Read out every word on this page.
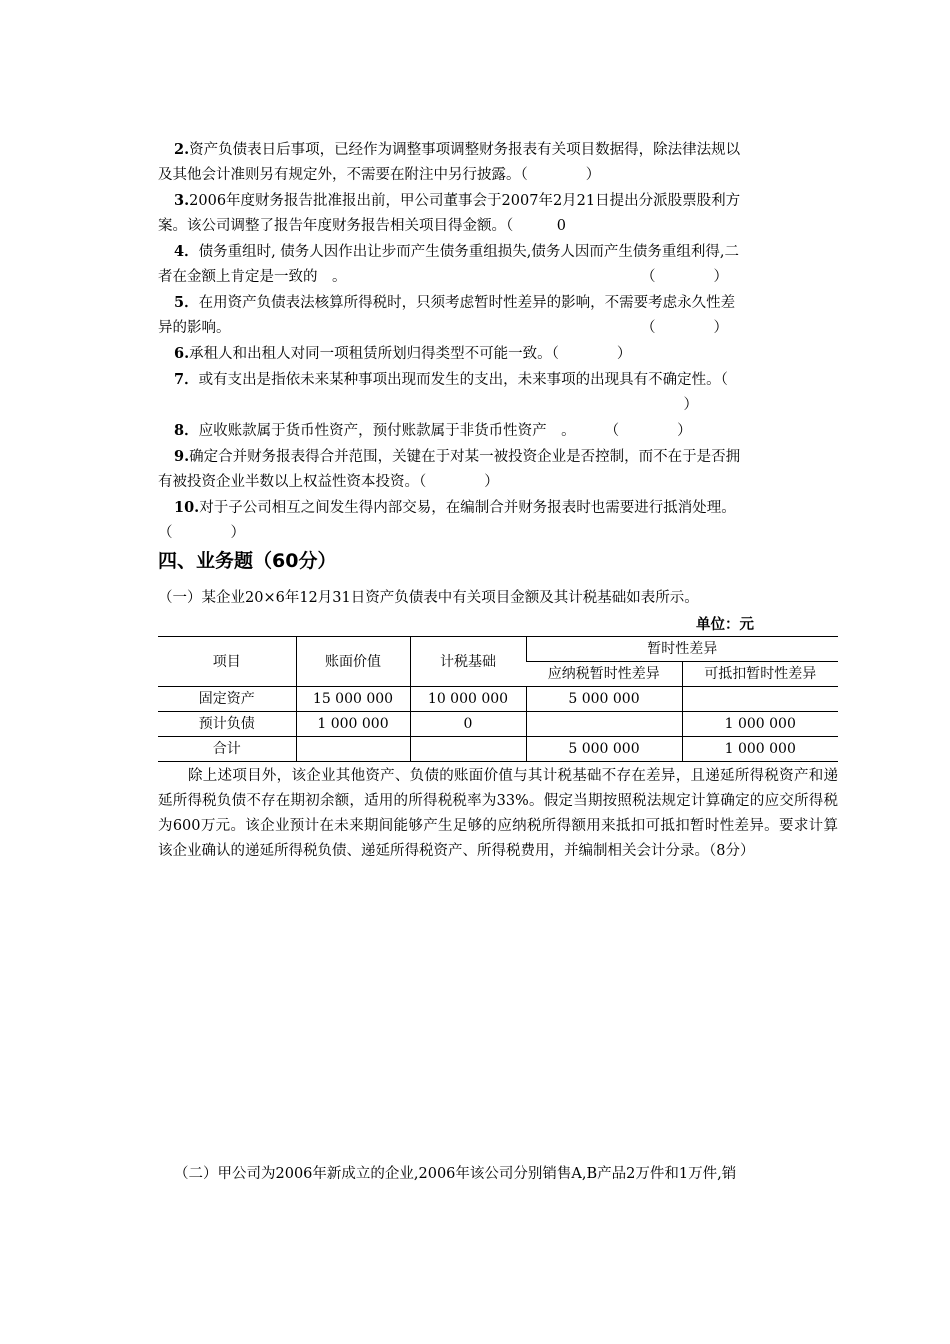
2.资产负债表日后事项，已经作为调整事项调整财务报表有关项目数据得，除法律法规以

及其他会计准则另有规定外，不需要在附注中另行披露。（　　　　）

3.2006年度财务报告批准报出前，甲公司董事会于2007年2月21日提出分派股票股利方

案。该公司调整了报告年度财务报告相关项目得金额。（　　　0

4．债务重组时, 债务人因作出让步而产生债务重组损失,债务人因而产生债务重组利得,二

者在金额上肯定是一致的　。	（　　　　）

5．在用资产负债表法核算所得税时，只须考虑暂时性差异的影响，不需要考虑永久性差

异的影响。	（　　　　）

6.承租人和出租人对同一项租赁所划归得类型不可能一致。（　　　　）

7．或有支出是指依未来某种事项出现而发生的支出，未来事项的出现具有不确定性。（

）

8．应收账款属于货币性资产，预付账款属于非货币性资产　。　　　（　　　　）

9.确定合并财务报表得合并范围，关键在于对某一被投资企业是否控制，而不在于是否拥

有被投资企业半数以上权益性资本投资。（　　　　）

10.对于子公司相互之间发生得内部交易，在编制合并财务报表时也需要进行抵消处理。

（　　　　）

四、业务题（60分）
（一）某企业20×6年12月31日资产负债表中有关项目金额及其计税基础如表所示。
单位：元
项目	账面价值	计税基础	暂时性差异	
			应纳税暂时性差异	可抵扣暂时性差异
固定资产	15 000 000	10 000 000	5 000 000	
预计负债	1 000 000	0		1 000 000
合计			5 000 000	1 000 000

除上述项目外，该企业其他资产、负债的账面价值与其计税基础不存在差异，且递延所得税资产和递延所得税负债不存在期初余额，适用的所得税税率为33%。假定当期按照税法规定计算确定的应交所得税为600万元。该企业预计在未来期间能够产生足够的应纳税所得额用来抵扣可抵扣暂时性差异。要求计算该企业确认的递延所得税负债、递延所得税资产、所得税费用，并编制相关会计分录。（8分）

（二）甲公司为2006年新成立的企业,2006年该公司分别销售A,B产品2万件和1万件,销
